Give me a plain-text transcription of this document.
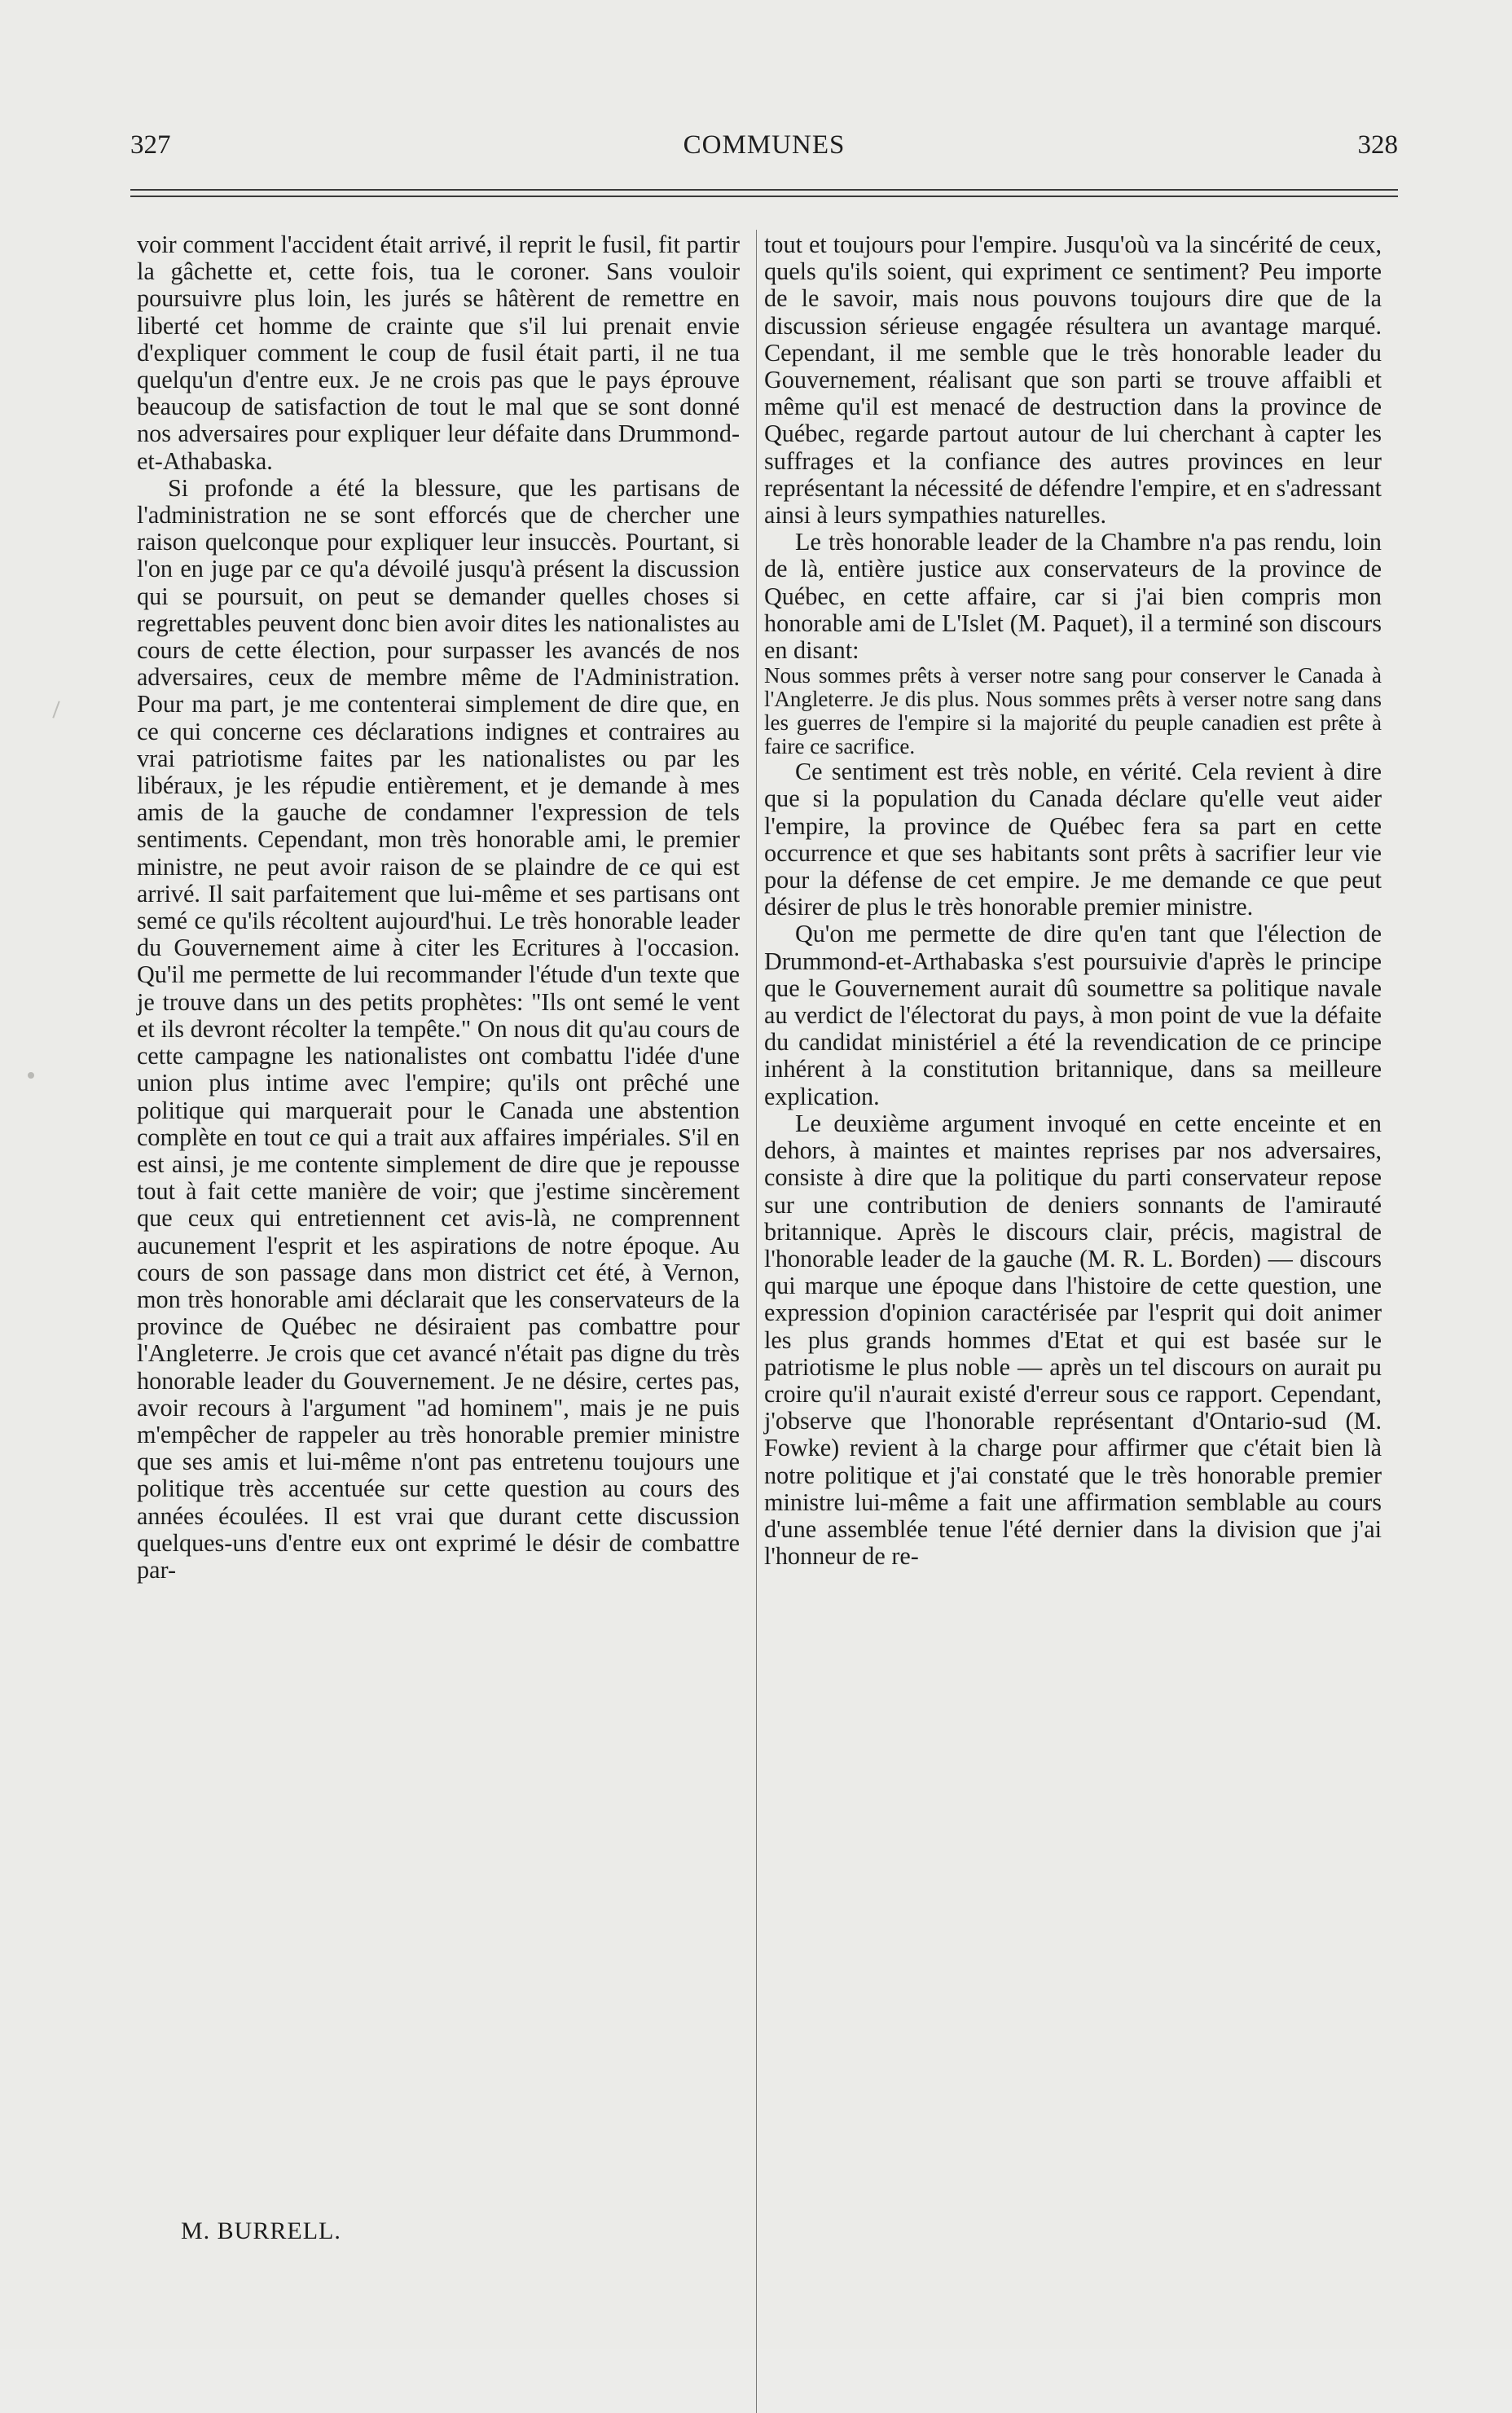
327	COMMUNES	328

voir comment l'accident était arrivé, il reprit le fusil, fit partir la gâchette et, cette fois, tua le coroner. Sans vouloir poursuivre plus loin, les jurés se hâtèrent de remettre en liberté cet homme de crainte que s'il lui prenait envie d'expliquer comment le coup de fusil était parti, il ne tua quelqu'un d'entre eux. Je ne crois pas que le pays éprouve beaucoup de satisfaction de tout le mal que se sont donné nos adversaires pour expliquer leur défaite dans Drummond-et-Athabaska.

Si profonde a été la blessure, que les partisans de l'administration ne se sont efforcés que de chercher une raison quelconque pour expliquer leur insuccès. Pourtant, si l'on en juge par ce qu'a dévoilé jusqu'à présent la discussion qui se poursuit, on peut se demander quelles choses si regrettables peuvent donc bien avoir dites les nationalistes au cours de cette élection, pour surpasser les avancés de nos adversaires, ceux de membre même de l'Administration. Pour ma part, je me contenterai simplement de dire que, en ce qui concerne ces déclarations indignes et contraires au vrai patriotisme faites par les nationalistes ou par les libéraux, je les répudie entièrement, et je demande à mes amis de la gauche de condamner l'expression de tels sentiments. Cependant, mon très honorable ami, le premier ministre, ne peut avoir raison de se plaindre de ce qui est arrivé. Il sait parfaitement que lui-même et ses partisans ont semé ce qu'ils récoltent aujourd'hui. Le très honorable leader du Gouvernement aime à citer les Ecritures à l'occasion. Qu'il me permette de lui recommander l'étude d'un texte que je trouve dans un des petits prophètes: "Ils ont semé le vent et ils devront récolter la tempête." On nous dit qu'au cours de cette campagne les nationalistes ont combattu l'idée d'une union plus intime avec l'empire; qu'ils ont prêché une politique qui marquerait pour le Canada une abstention complète en tout ce qui a trait aux affaires impériales. S'il en est ainsi, je me contente simplement de dire que je repousse tout à fait cette manière de voir; que j'estime sincèrement que ceux qui entretiennent cet avis-là, ne comprennent aucunement l'esprit et les aspirations de notre époque. Au cours de son passage dans mon district cet été, à Vernon, mon très honorable ami déclarait que les conservateurs de la province de Québec ne désiraient pas combattre pour l'Angleterre. Je crois que cet avancé n'était pas digne du très honorable leader du Gouvernement. Je ne désire, certes pas, avoir recours à l'argument "ad hominem", mais je ne puis m'empêcher de rappeler au très honorable premier ministre que ses amis et lui-même n'ont pas entretenu toujours une politique très accentuée sur cette question au cours des années écoulées. Il est vrai que durant cette discussion quelques-uns d'entre eux ont exprimé le désir de combattre par-

tout et toujours pour l'empire. Jusqu'où va la sincérité de ceux, quels qu'ils soient, qui expriment ce sentiment? Peu importe de le savoir, mais nous pouvons toujours dire que de la discussion sérieuse engagée résultera un avantage marqué. Cependant, il me semble que le très honorable leader du Gouvernement, réalisant que son parti se trouve affaibli et même qu'il est menacé de destruction dans la province de Québec, regarde partout autour de lui cherchant à capter les suffrages et la confiance des autres provinces en leur représentant la nécessité de défendre l'empire, et en s'adressant ainsi à leurs sympathies naturelles.

Le très honorable leader de la Chambre n'a pas rendu, loin de là, entière justice aux conservateurs de la province de Québec, en cette affaire, car si j'ai bien compris mon honorable ami de L'Islet (M. Paquet), il a terminé son discours en disant:

Nous sommes prêts à verser notre sang pour conserver le Canada à l'Angleterre. Je dis plus. Nous sommes prêts à verser notre sang dans les guerres de l'empire si la majorité du peuple canadien est prête à faire ce sacrifice.

Ce sentiment est très noble, en vérité. Cela revient à dire que si la population du Canada déclare qu'elle veut aider l'empire, la province de Québec fera sa part en cette occurrence et que ses habitants sont prêts à sacrifier leur vie pour la défense de cet empire. Je me demande ce que peut désirer de plus le très honorable premier ministre.

Qu'on me permette de dire qu'en tant que l'élection de Drummond-et-Arthabaska s'est poursuivie d'après le principe que le Gouvernement aurait dû soumettre sa politique navale au verdict de l'électorat du pays, à mon point de vue la défaite du candidat ministériel a été la revendication de ce principe inhérent à la constitution britannique, dans sa meilleure explication.

Le deuxième argument invoqué en cette enceinte et en dehors, à maintes et maintes reprises par nos adversaires, consiste à dire que la politique du parti conservateur repose sur une contribution de deniers sonnants de l'amirauté britannique. Après le discours clair, précis, magistral de l'honorable leader de la gauche (M. R. L. Borden) — discours qui marque une époque dans l'histoire de cette question, une expression d'opinion caractérisée par l'esprit qui doit animer les plus grands hommes d'Etat et qui est basée sur le patriotisme le plus noble — après un tel discours on aurait pu croire qu'il n'aurait existé d'erreur sous ce rapport. Cependant, j'observe que l'honorable représentant d'Ontario-sud (M. Fowke) revient à la charge pour affirmer que c'était bien là notre politique et j'ai constaté que le très honorable premier ministre lui-même a fait une affirmation semblable au cours d'une assemblée tenue l'été dernier dans la division que j'ai l'honneur de re-

M. BURRELL.
